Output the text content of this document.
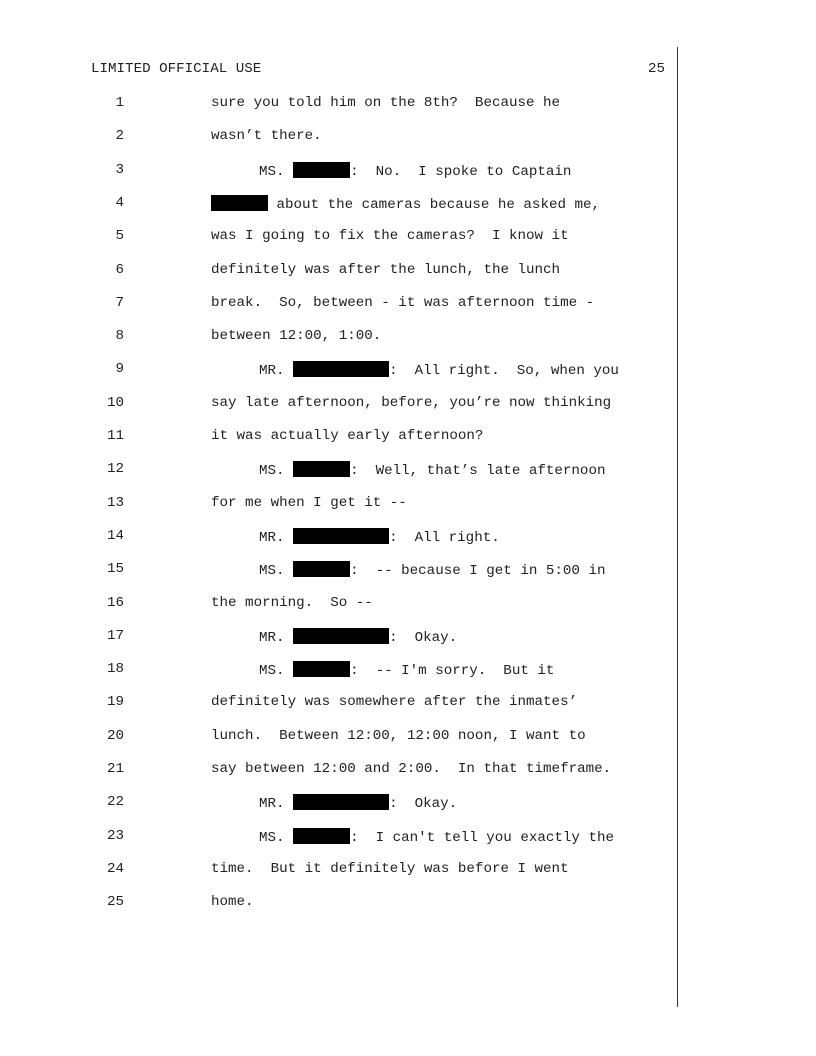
LIMITED OFFICIAL USE	25
1	sure you told him on the 8th?  Because he
2	wasn’t there.
3	MS.	:  No.  I spoke to Captain
4	about the cameras because he asked me,
5	was I going to fix the cameras?  I know it
6	definitely was after the lunch, the lunch
7	break.  So, between - it was afternoon time -
8	between 12:00, 1:00.
9	MR.	:  All right.  So, when you
10	say late afternoon, before, you’re now thinking
11	it was actually early afternoon?
12	MS.	:  Well, that’s late afternoon
13	for me when I get it --
14	MR.	:  All right.
15	MS.	:  -- because I get in 5:00 in
16	the morning.  So --
17	MR.	:  Okay.
18	MS.	:  -- I'm sorry.  But it
19	definitely was somewhere after the inmates’
20	lunch.  Between 12:00, 12:00 noon, I want to
21	say between 12:00 and 2:00.  In that timeframe.
22	MR.	:  Okay.
23	MS.	:  I can't tell you exactly the
24	time.  But it definitely was before I went
25	home.
